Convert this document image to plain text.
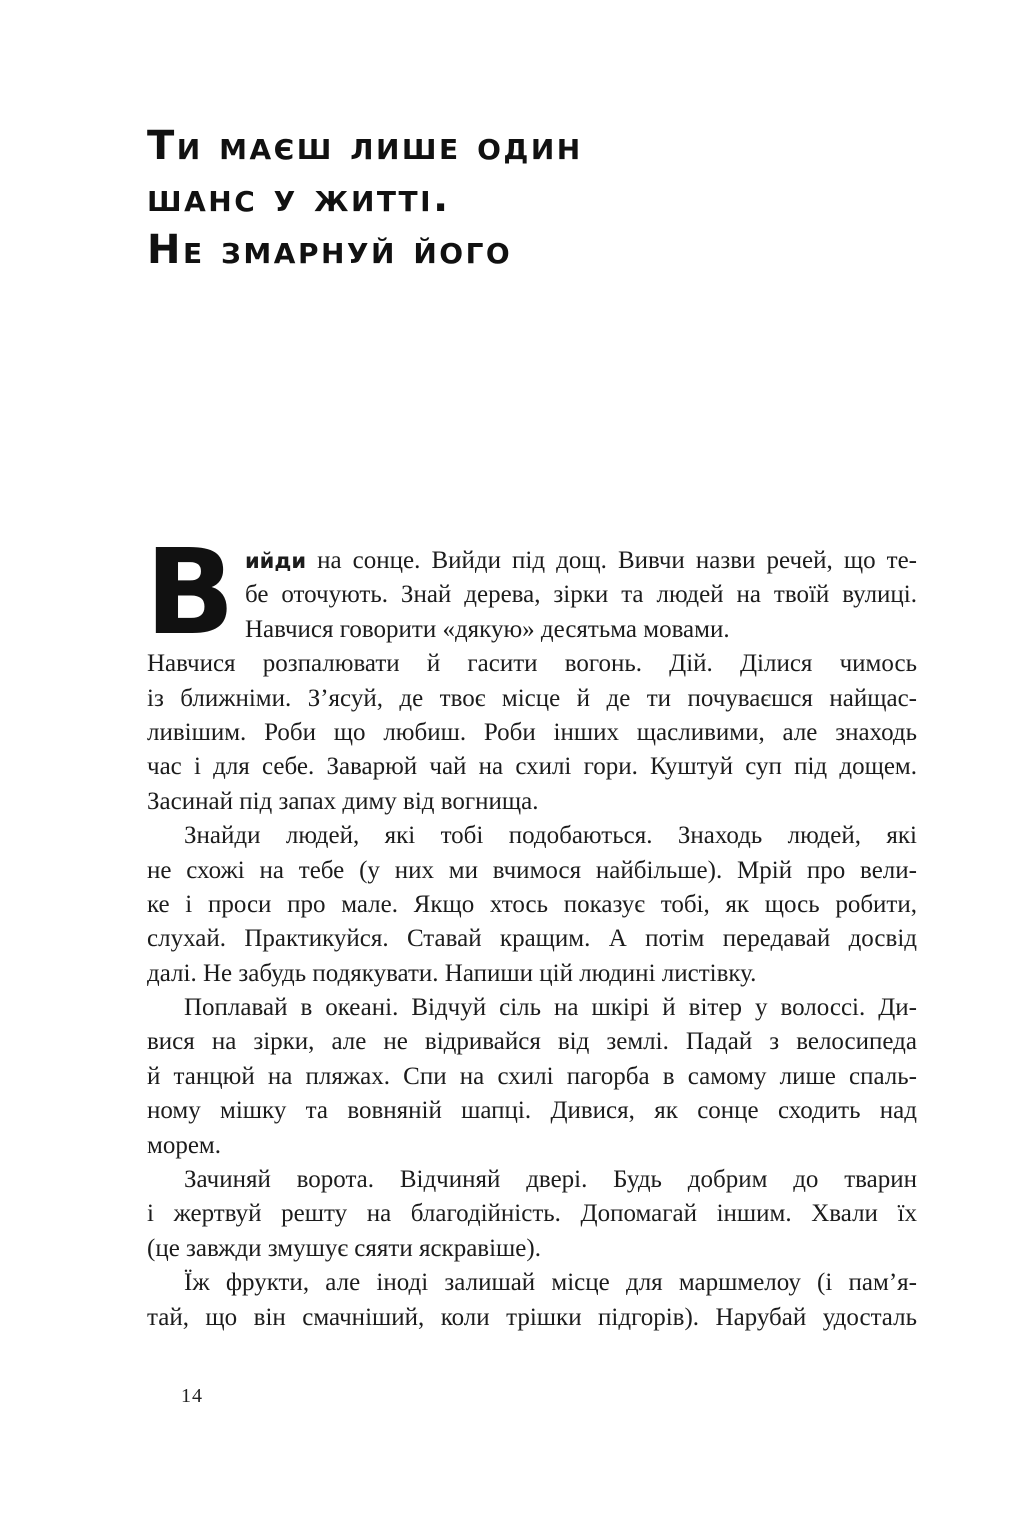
Ти маєш лише один
шанс у житті.
Не змарнуй його
В ийди на сонце. Вийди під дощ. Вивчи назви речей, що те-
бе оточують. Знай дерева, зірки та людей на твоїй вулиці.
Навчися говорити «дякую» десятьма мовами.
Навчися розпалювати й гасити вогонь. Дій. Ділися чимось
із ближніми. З’ясуй, де твоє місце й де ти почуваєшся найщас-
ливішим. Роби що любиш. Роби інших щасливими, але знаходь
час і для себе. Заварюй чай на схилі гори. Куштуй суп під дощем.
Засинай під запах диму від вогнища.
Знайди людей, які тобі подобаються. Знаходь людей, які
не схожі на тебе (у них ми вчимося найбільше). Мрій про вели-
ке і проси про мале. Якщо хтось показує тобі, як щось робити,
слухай. Практикуйся. Ставай кращим. А потім передавай досвід
далі. Не забудь подякувати. Напиши цій людині листівку.
Поплавай в океані. Відчуй сіль на шкірі й вітер у волоссі. Ди-
вися на зірки, але не відривайся від землі. Падай з велосипеда
й танцюй на пляжах. Спи на схилі пагорба в самому лише спаль-
ному мішку та вовняній шапці. Дивися, як сонце сходить над
морем.
Зачиняй ворота. Відчиняй двері. Будь добрим до тварин
і жертвуй решту на благодійність. Допомагай іншим. Хвали їх
(це завжди змушує сяяти яскравіше).
Їж фрукти, але іноді залишай місце для маршмелоу (і пам’я-
тай, що він смачніший, коли трішки підгорів). Нарубай удосталь
14
